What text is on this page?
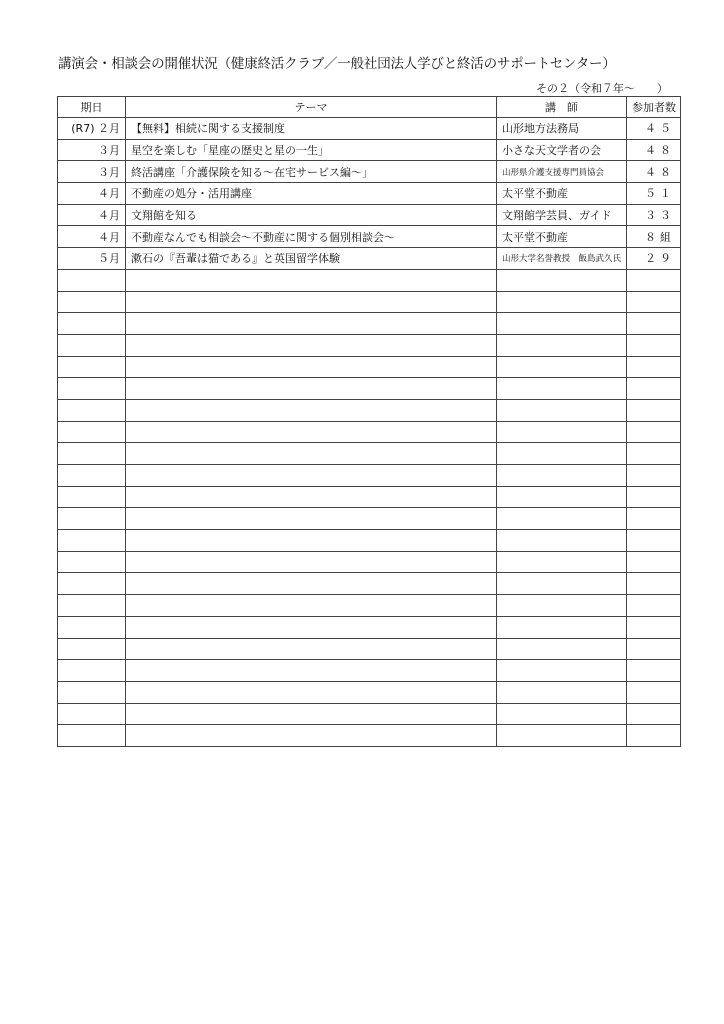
講演会・相談会の開催状況（健康終活クラブ／一般社団法人学びと終活のサポートセンター）
その２（令和７年～　　）
期日	テーマ	講　師	参加者数
(R7) ２月	【無料】相続に関する支援制度	山形地方法務局	４５
３月	星空を楽しむ「星座の歴史と星の一生」	小さな天文学者の会	４８
３月	終活講座「介護保険を知る～在宅サービス編～」	山形県介護支援専門員協会	４８
４月	不動産の処分・活用講座	太平堂不動産	５１
４月	文翔館を知る	文翔館学芸員、ガイド	３３
４月	不動産なんでも相談会～不動産に関する個別相談会～	太平堂不動産	８組
５月	漱石の『吾輩は猫である』と英国留学体験	山形大学名誉教授　飯島武久氏	２９
